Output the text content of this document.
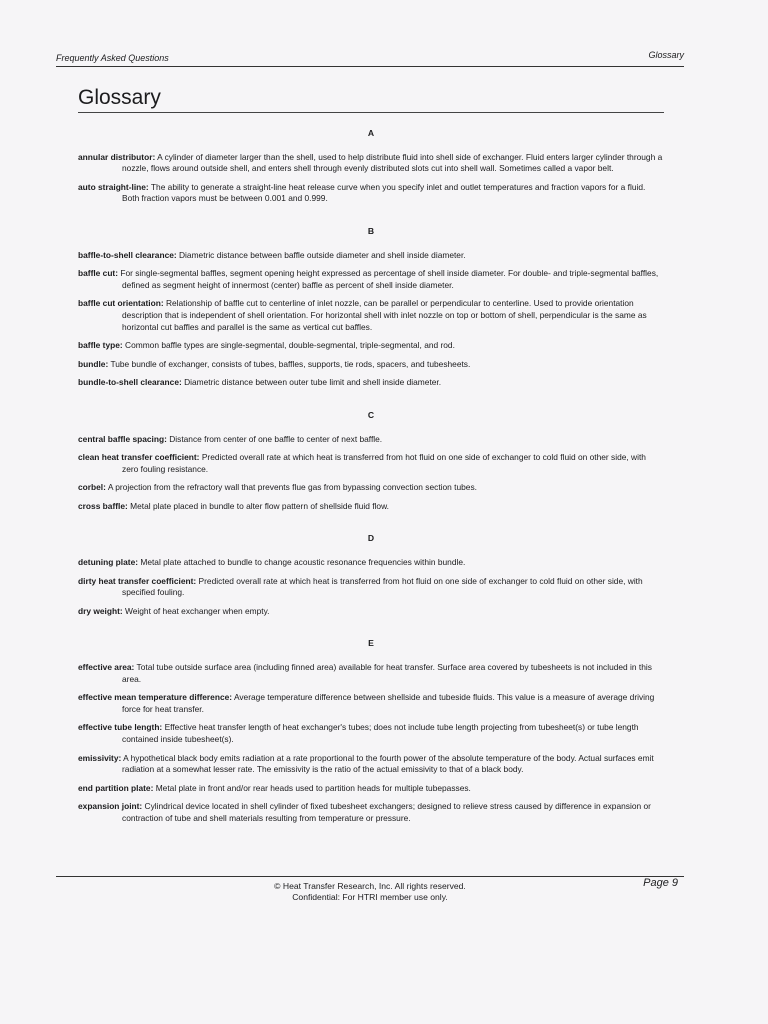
Frequently Asked Questions	Glossary
Glossary
A
annular distributor: A cylinder of diameter larger than the shell, used to help distribute fluid into shell side of exchanger. Fluid enters larger cylinder through a nozzle, flows around outside shell, and enters shell through evenly distributed slots cut into shell wall. Sometimes called a vapor belt.
auto straight-line: The ability to generate a straight-line heat release curve when you specify inlet and outlet temperatures and fraction vapors for a fluid. Both fraction vapors must be between 0.001 and 0.999.
B
baffle-to-shell clearance: Diametric distance between baffle outside diameter and shell inside diameter.
baffle cut: For single-segmental baffles, segment opening height expressed as percentage of shell inside diameter. For double- and triple-segmental baffles, defined as segment height of innermost (center) baffle as percent of shell inside diameter.
baffle cut orientation: Relationship of baffle cut to centerline of inlet nozzle, can be parallel or perpendicular to centerline. Used to provide orientation description that is independent of shell orientation. For horizontal shell with inlet nozzle on top or bottom of shell, perpendicular is the same as horizontal cut baffles and parallel is the same as vertical cut baffles.
baffle type: Common baffle types are single-segmental, double-segmental, triple-segmental, and rod.
bundle: Tube bundle of exchanger, consists of tubes, baffles, supports, tie rods, spacers, and tubesheets.
bundle-to-shell clearance: Diametric distance between outer tube limit and shell inside diameter.
C
central baffle spacing: Distance from center of one baffle to center of next baffle.
clean heat transfer coefficient: Predicted overall rate at which heat is transferred from hot fluid on one side of exchanger to cold fluid on other side, with zero fouling resistance.
corbel: A projection from the refractory wall that prevents flue gas from bypassing convection section tubes.
cross baffle: Metal plate placed in bundle to alter flow pattern of shellside fluid flow.
D
detuning plate: Metal plate attached to bundle to change acoustic resonance frequencies within bundle.
dirty heat transfer coefficient: Predicted overall rate at which heat is transferred from hot fluid on one side of exchanger to cold fluid on other side, with specified fouling.
dry weight: Weight of heat exchanger when empty.
E
effective area: Total tube outside surface area (including finned area) available for heat transfer. Surface area covered by tubesheets is not included in this area.
effective mean temperature difference: Average temperature difference between shellside and tubeside fluids. This value is a measure of average driving force for heat transfer.
effective tube length: Effective heat transfer length of heat exchanger's tubes; does not include tube length projecting from tubesheet(s) or tube length contained inside tubesheet(s).
emissivity: A hypothetical black body emits radiation at a rate proportional to the fourth power of the absolute temperature of the body. Actual surfaces emit radiation at a somewhat lesser rate. The emissivity is the ratio of the actual emissivity to that of a black body.
end partition plate: Metal plate in front and/or rear heads used to partition heads for multiple tubepasses.
expansion joint: Cylindrical device located in shell cylinder of fixed tubesheet exchangers; designed to relieve stress caused by difference in expansion or contraction of tube and shell materials resulting from temperature or pressure.
© Heat Transfer Research, Inc. All rights reserved.
Confidential: For HTRI member use only.
Page 9
